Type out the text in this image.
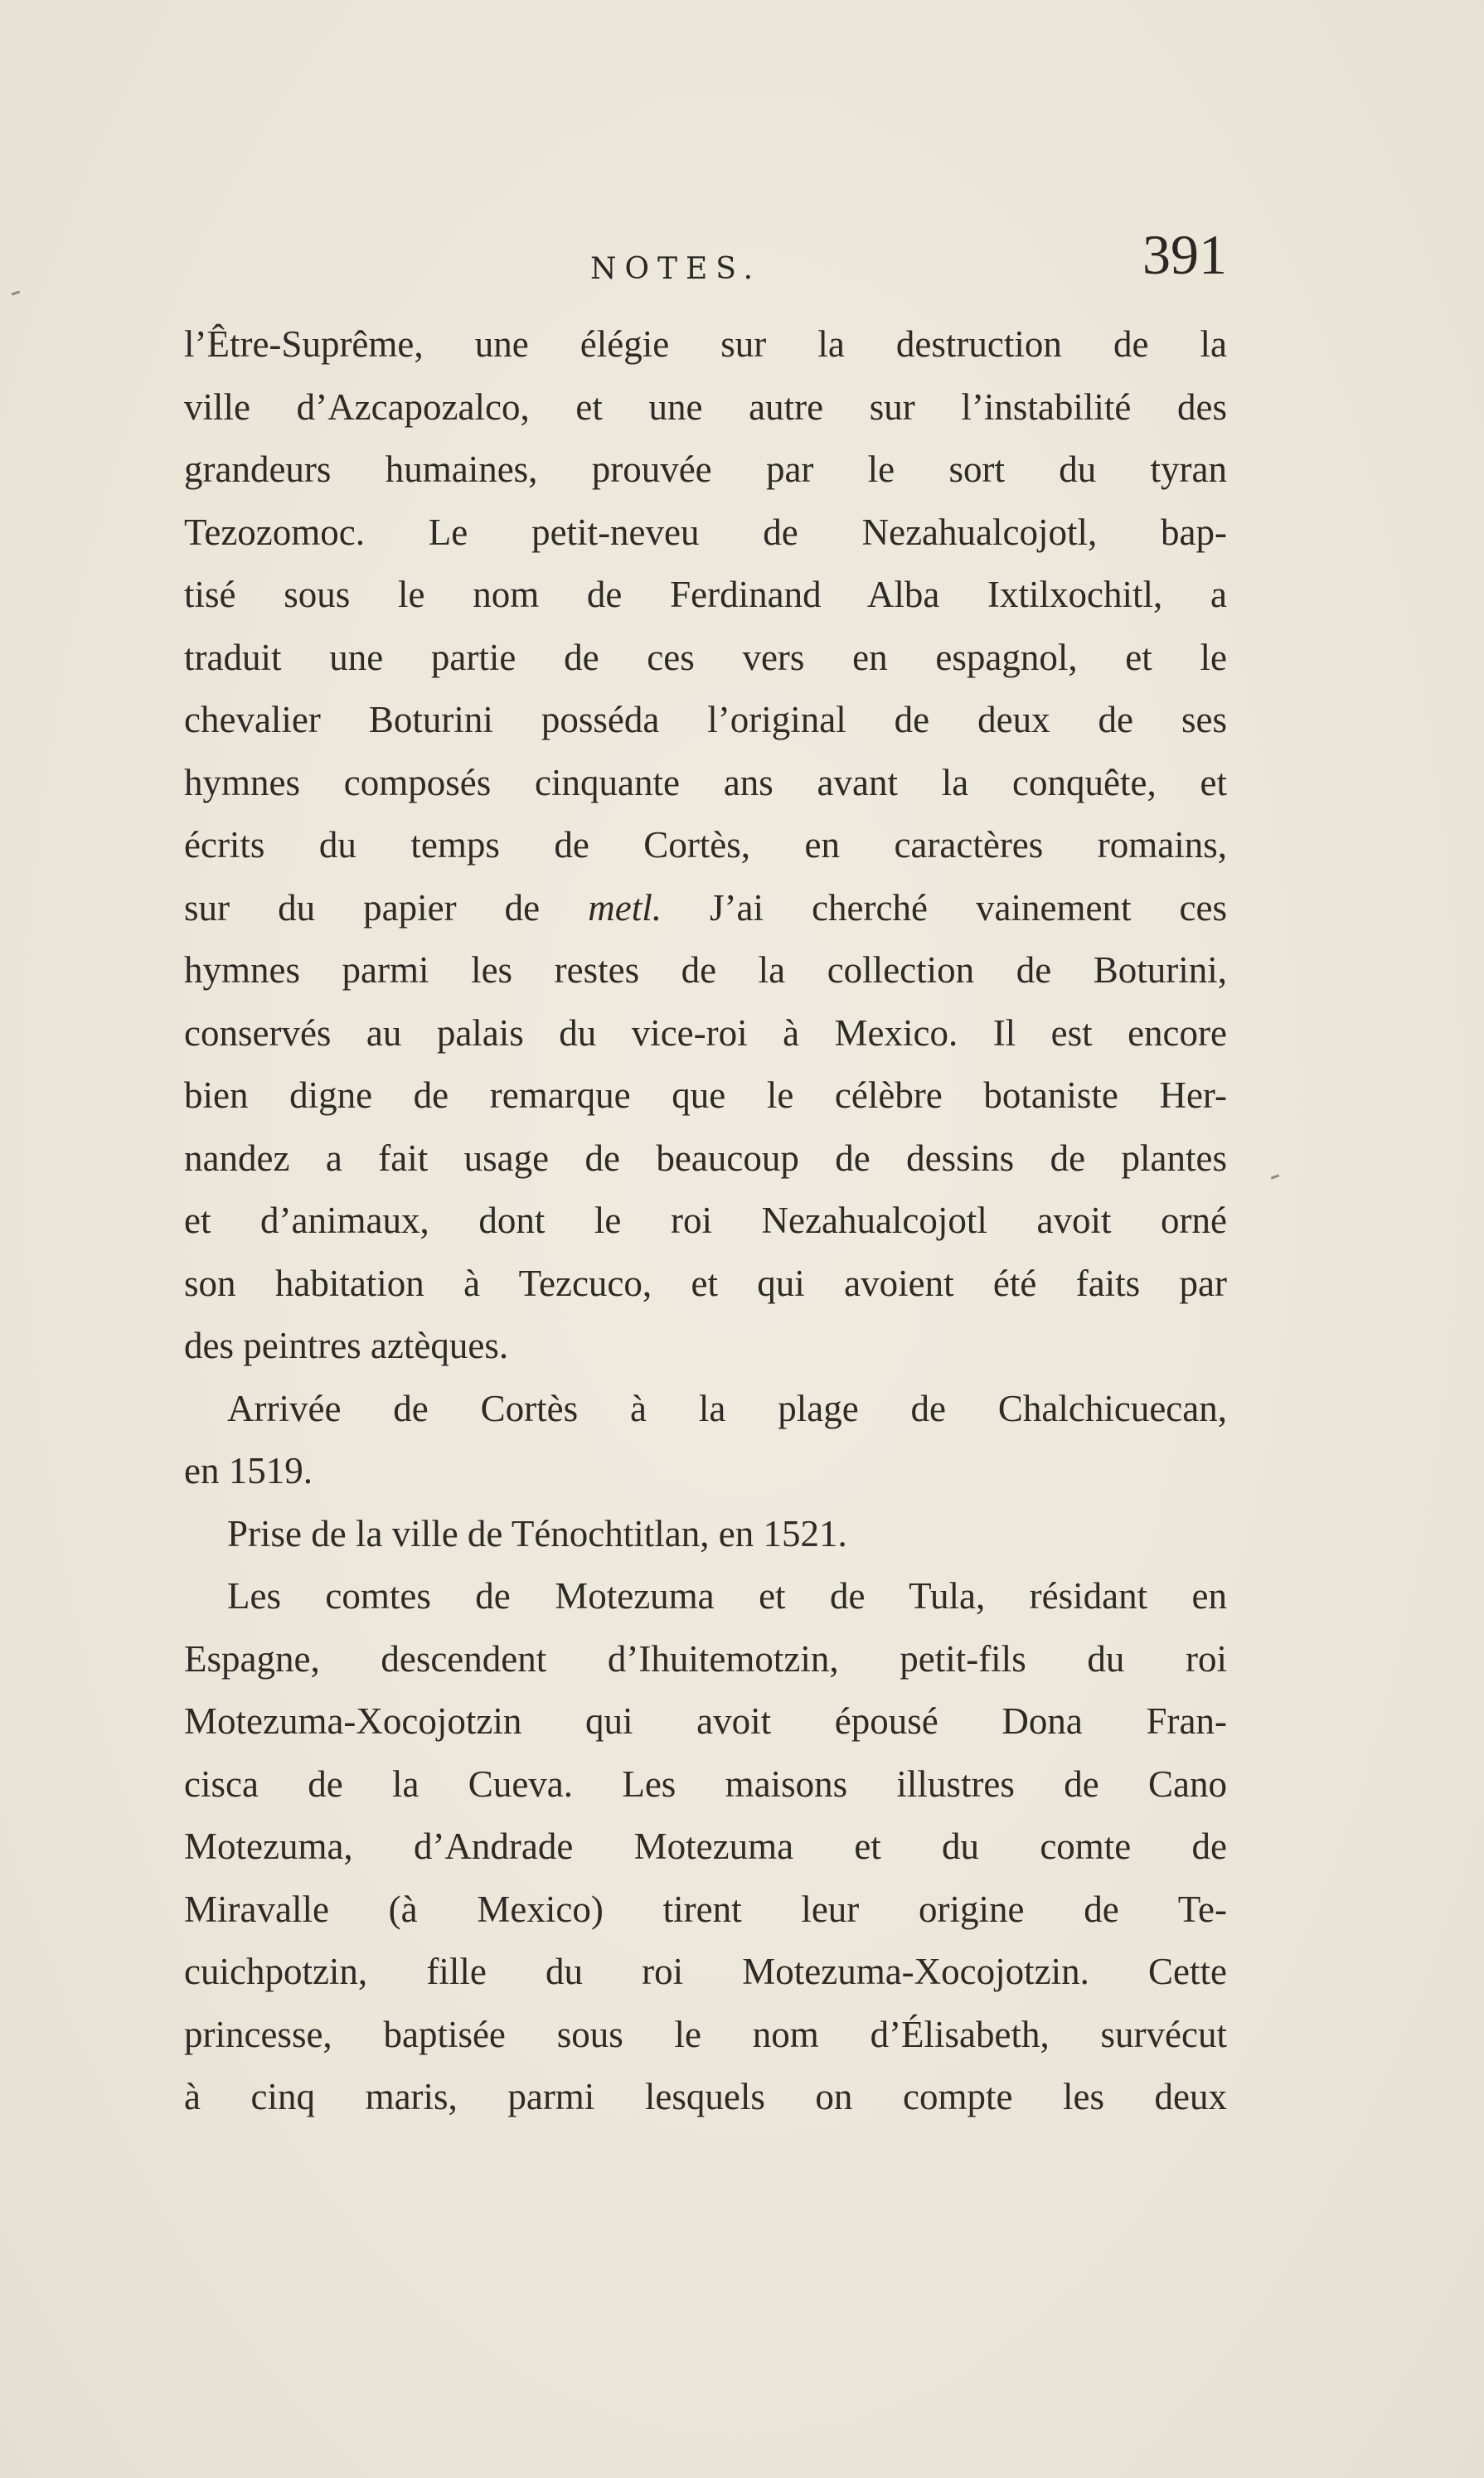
NOTES.	391
l’Être-Suprême, une élégie sur la destruction de la
ville d’Azcapozalco, et une autre sur l’instabilité des
grandeurs humaines, prouvée par le sort du tyran
Tezozomoc. Le petit-neveu de Nezahualcojotl, bap-
tisé sous le nom de Ferdinand Alba Ixtilxochitl, a
traduit une partie de ces vers en espagnol, et le
chevalier Boturini posséda l’original de deux de ses
hymnes composés cinquante ans avant la conquête, et
écrits du temps de Cortès, en caractères romains,
sur du papier de metl. J’ai cherché vainement ces
hymnes parmi les restes de la collection de Boturini,
conservés au palais du vice-roi à Mexico. Il est encore
bien digne de remarque que le célèbre botaniste Her-
nandez a fait usage de beaucoup de dessins de plantes
et d’animaux, dont le roi Nezahualcojotl avoit orné
son habitation à Tezcuco, et qui avoient été faits par
des peintres aztèques.
Arrivée de Cortès à la plage de Chalchicuecan,
en 1519.
Prise de la ville de Ténochtitlan, en 1521.
Les comtes de Motezuma et de Tula, résidant en
Espagne, descendent d’Ihuitemotzin, petit-fils du roi
Motezuma-Xocojotzin qui avoit épousé Dona Fran-
cisca de la Cueva. Les maisons illustres de Cano
Motezuma, d’Andrade Motezuma et du comte de
Miravalle (à Mexico) tirent leur origine de Te-
cuichpotzin, fille du roi Motezuma-Xocojotzin. Cette
princesse, baptisée sous le nom d’Élisabeth, survécut
à cinq maris, parmi lesquels on compte les deux
